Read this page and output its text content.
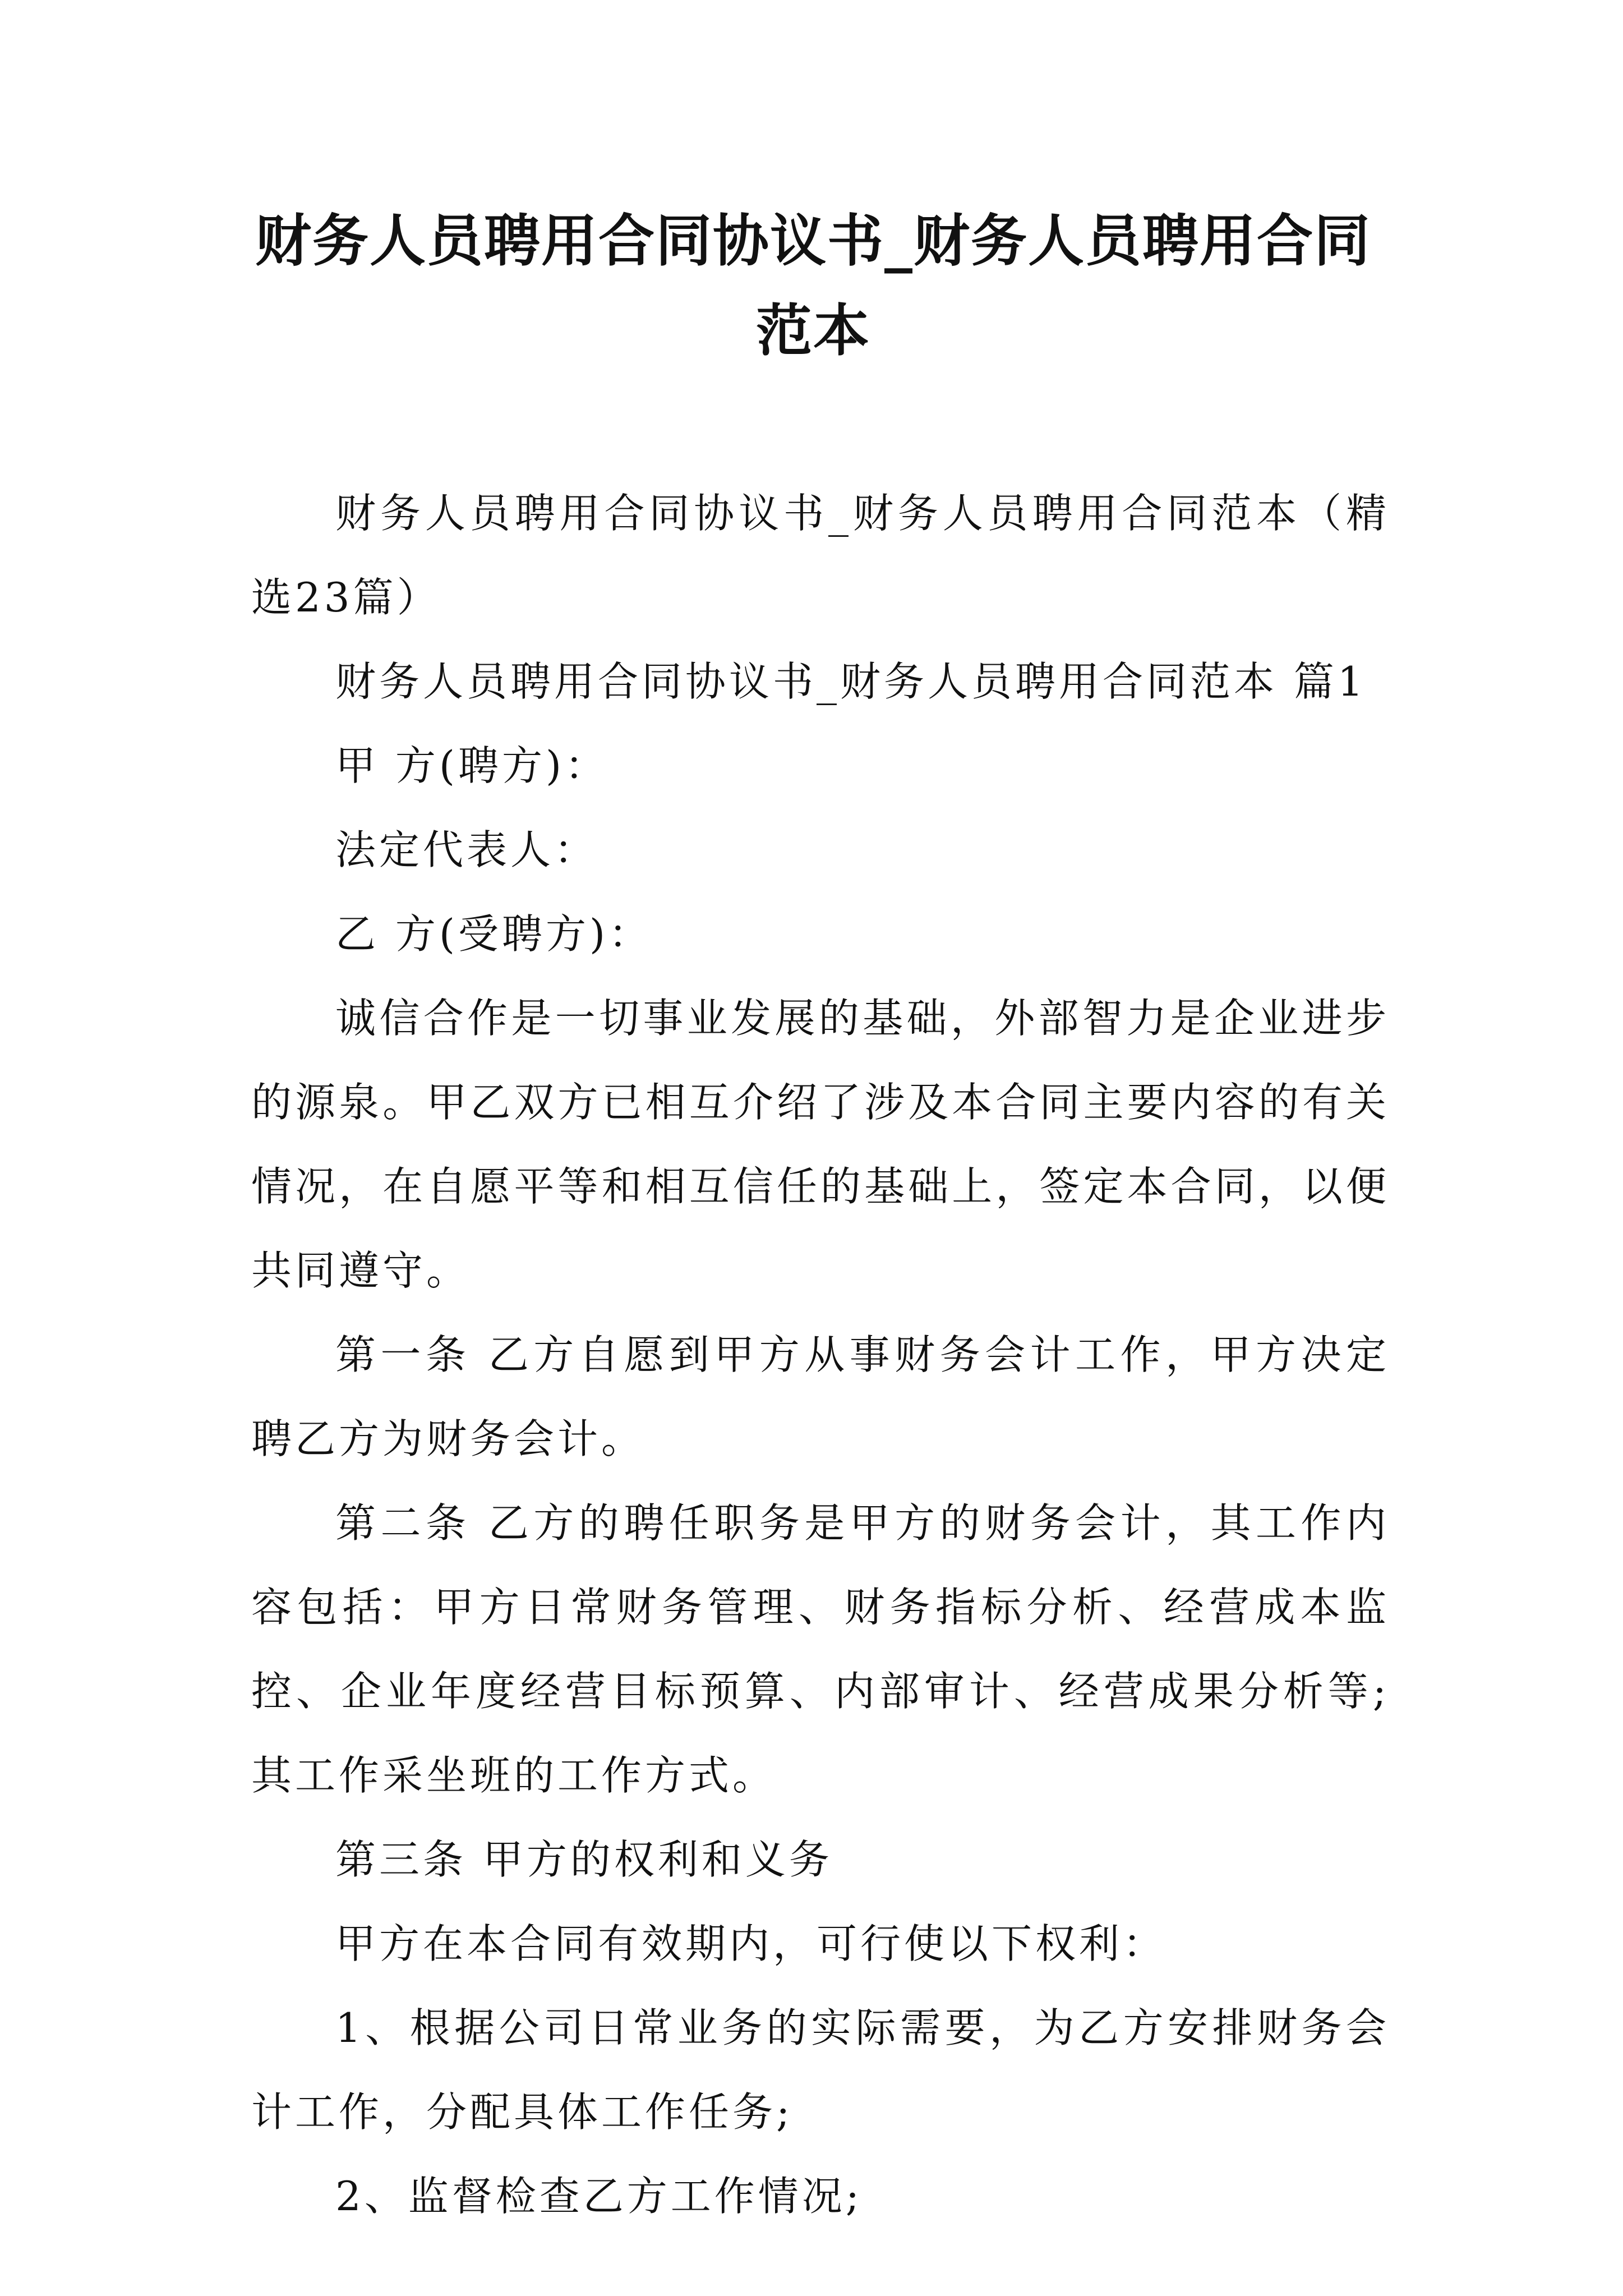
财务人员聘用合同协议书_财务人员聘用合同范本

财务人员聘用合同协议书_财务人员聘用合同范本（精选23篇）

财务人员聘用合同协议书_财务人员聘用合同范本 篇1

甲 方(聘方)：

法定代表人：

乙 方(受聘方)：

诚信合作是一切事业发展的基础，外部智力是企业进步的源泉。甲乙双方已相互介绍了涉及本合同主要内容的有关情况，在自愿平等和相互信任的基础上，签定本合同，以便共同遵守。

第一条 乙方自愿到甲方从事财务会计工作，甲方决定聘乙方为财务会计。

第二条 乙方的聘任职务是甲方的财务会计，其工作内容包括：甲方日常财务管理、财务指标分析、经营成本监控、企业年度经营目标预算、内部审计、经营成果分析等;其工作采坐班的工作方式。

第三条 甲方的权利和义务

甲方在本合同有效期内，可行使以下权利：

1、根据公司日常业务的实际需要，为乙方安排财务会计工作，分配具体工作任务;

2、监督检查乙方工作情况;
